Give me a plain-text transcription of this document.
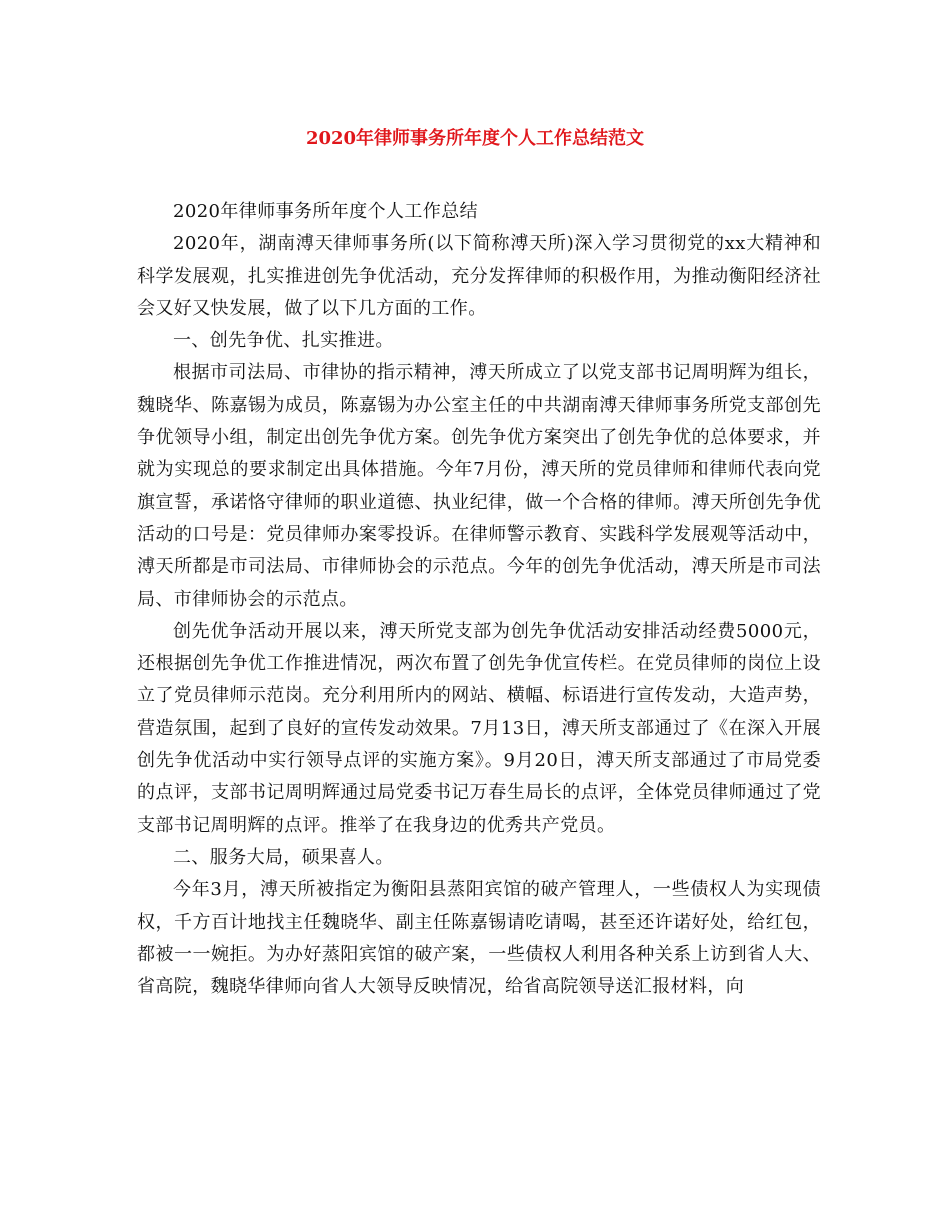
2020年律师事务所年度个人工作总结范文

2020年律师事务所年度个人工作总结

2020年，湖南溥天律师事务所(以下简称溥天所)深入学习贯彻党的xx大精神和科学发展观，扎实推进创先争优活动，充分发挥律师的积极作用，为推动衡阳经济社会又好又快发展，做了以下几方面的工作。

一、创先争优、扎实推进。

根据市司法局、市律协的指示精神，溥天所成立了以党支部书记周明辉为组长，魏晓华、陈嘉锡为成员，陈嘉锡为办公室主任的中共湖南溥天律师事务所党支部创先争优领导小组，制定出创先争优方案。创先争优方案突出了创先争优的总体要求，并就为实现总的要求制定出具体措施。今年7月份，溥天所的党员律师和律师代表向党旗宣誓，承诺恪守律师的职业道德、执业纪律，做一个合格的律师。溥天所创先争优活动的口号是：党员律师办案零投诉。在律师警示教育、实践科学发展观等活动中，溥天所都是市司法局、市律师协会的示范点。今年的创先争优活动，溥天所是市司法局、市律师协会的示范点。

创先优争活动开展以来，溥天所党支部为创先争优活动安排活动经费5000元，还根据创先争优工作推进情况，两次布置了创先争优宣传栏。在党员律师的岗位上设立了党员律师示范岗。充分利用所内的网站、横幅、标语进行宣传发动，大造声势，营造氛围，起到了良好的宣传发动效果。7月13日，溥天所支部通过了《在深入开展创先争优活动中实行领导点评的实施方案》。9月20日，溥天所支部通过了市局党委的点评，支部书记周明辉通过局党委书记万春生局长的点评，全体党员律师通过了党支部书记周明辉的点评。推举了在我身边的优秀共产党员。

二、服务大局，硕果喜人。

今年3月，溥天所被指定为衡阳县蒸阳宾馆的破产管理人，一些债权人为实现债权，千方百计地找主任魏晓华、副主任陈嘉锡请吃请喝，甚至还许诺好处，给红包，都被一一婉拒。为办好蒸阳宾馆的破产案，一些债权人利用各种关系上访到省人大、省高院，魏晓华律师向省人大领导反映情况，给省高院领导送汇报材料，向
